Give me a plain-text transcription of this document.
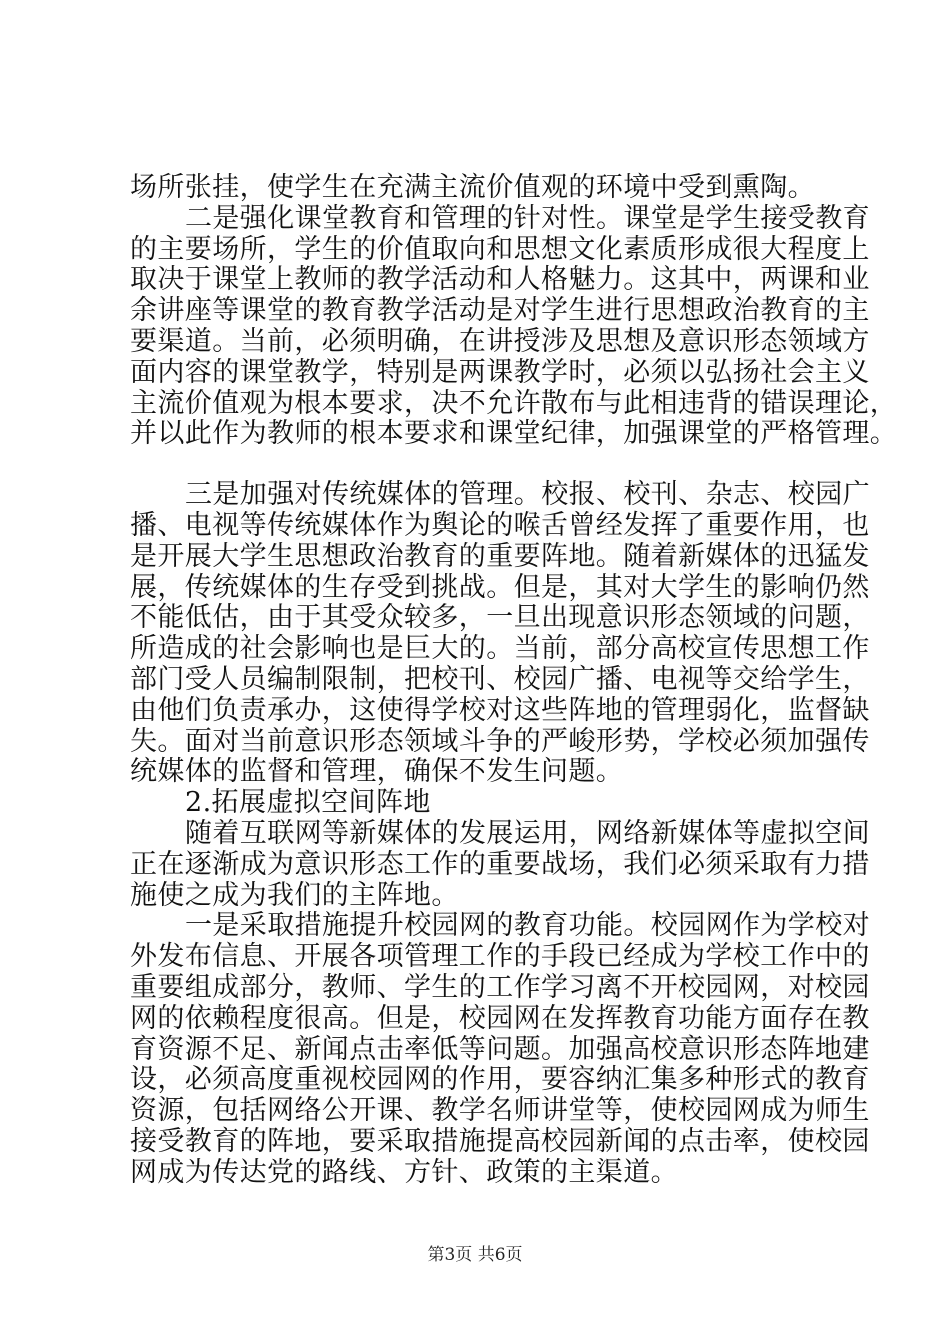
场所张挂，使学生在充满主流价值观的环境中受到熏陶。
二是强化课堂教育和管理的针对性。课堂是学生接受教育
的主要场所，学生的价值取向和思想文化素质形成很大程度上
取决于课堂上教师的教学活动和人格魅力。这其中，两课和业
余讲座等课堂的教育教学活动是对学生进行思想政治教育的主
要渠道。当前，必须明确，在讲授涉及思想及意识形态领域方
面内容的课堂教学，特别是两课教学时，必须以弘扬社会主义
主流价值观为根本要求，决不允许散布与此相违背的错误理论，
并以此作为教师的根本要求和课堂纪律，加强课堂的严格管理。
三是加强对传统媒体的管理。校报、校刊、杂志、校园广
播、电视等传统媒体作为舆论的喉舌曾经发挥了重要作用，也
是开展大学生思想政治教育的重要阵地。随着新媒体的迅猛发
展，传统媒体的生存受到挑战。但是，其对大学生的影响仍然
不能低估，由于其受众较多，一旦出现意识形态领域的问题，
所造成的社会影响也是巨大的。当前，部分高校宣传思想工作
部门受人员编制限制，把校刊、校园广播、电视等交给学生，
由他们负责承办，这使得学校对这些阵地的管理弱化，监督缺
失。面对当前意识形态领域斗争的严峻形势，学校必须加强传
统媒体的监督和管理，确保不发生问题。
2.拓展虚拟空间阵地
随着互联网等新媒体的发展运用，网络新媒体等虚拟空间
正在逐渐成为意识形态工作的重要战场，我们必须采取有力措
施使之成为我们的主阵地。
一是采取措施提升校园网的教育功能。校园网作为学校对
外发布信息、开展各项管理工作的手段已经成为学校工作中的
重要组成部分，教师、学生的工作学习离不开校园网，对校园
网的依赖程度很高。但是，校园网在发挥教育功能方面存在教
育资源不足、新闻点击率低等问题。加强高校意识形态阵地建
设，必须高度重视校园网的作用，要容纳汇集多种形式的教育
资源，包括网络公开课、教学名师讲堂等，使校园网成为师生
接受教育的阵地，要采取措施提高校园新闻的点击率，使校园
网成为传达党的路线、方针、政策的主渠道。
第3页 共6页
